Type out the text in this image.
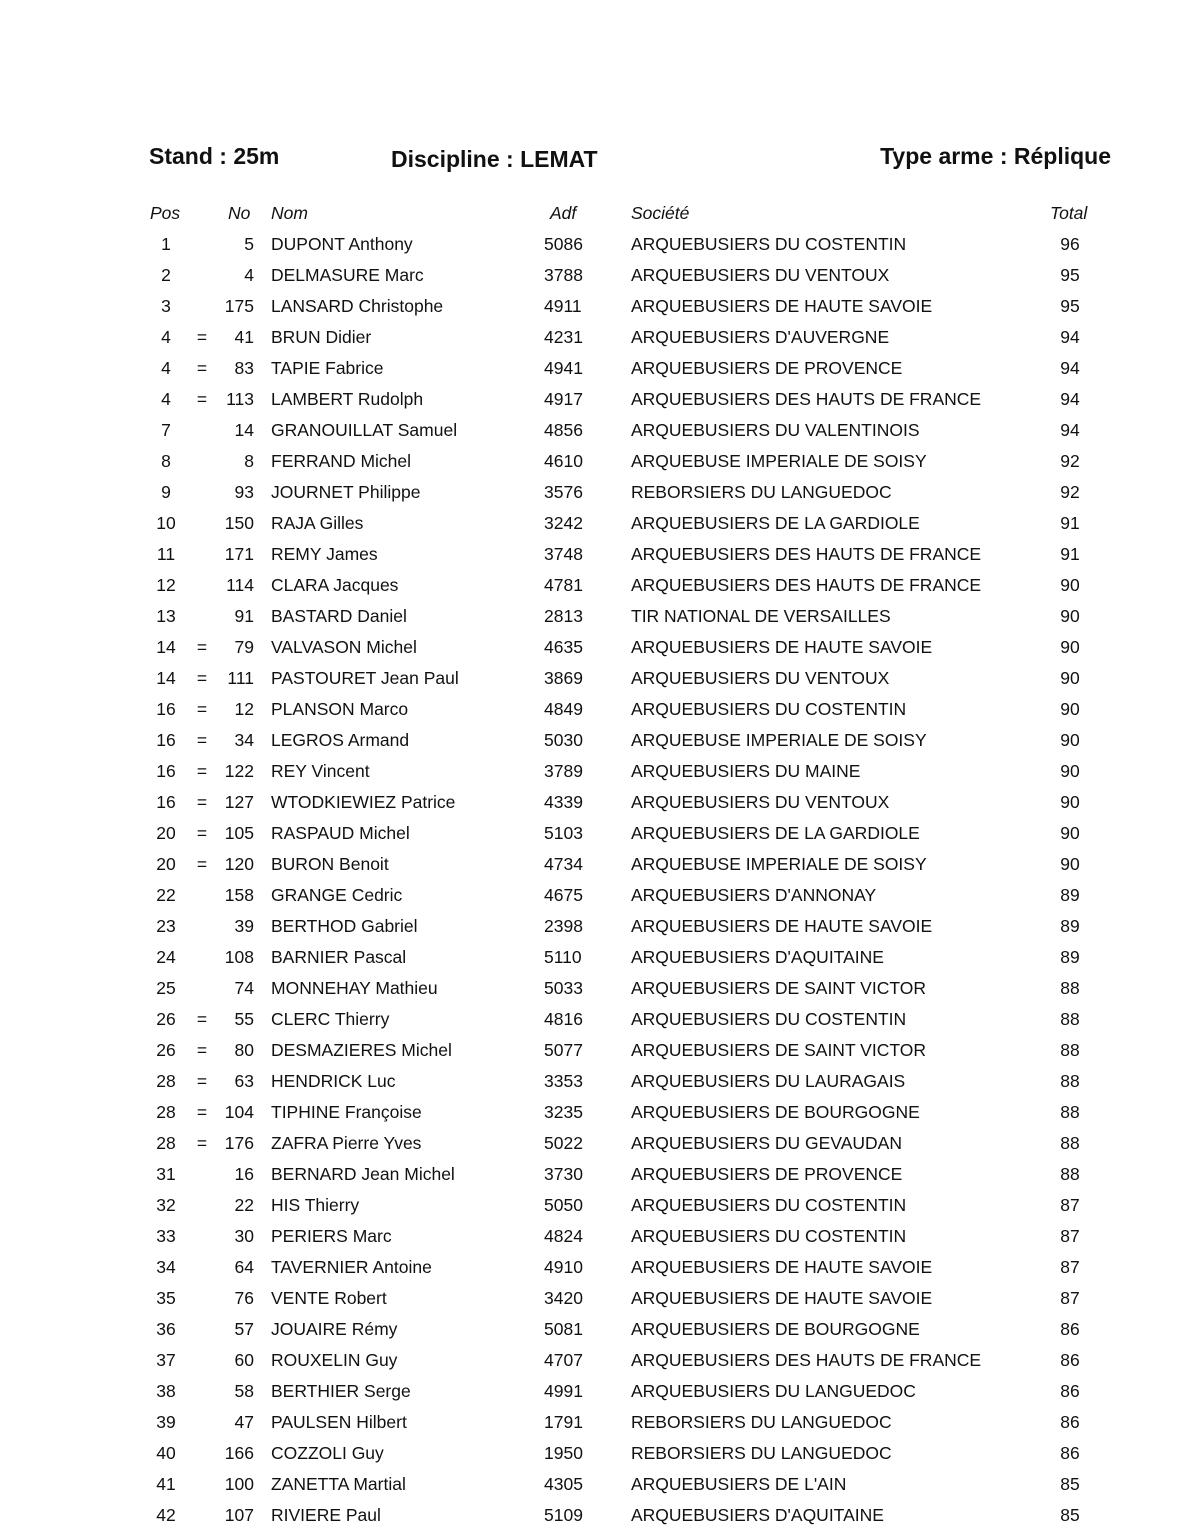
Stand : 25m	Discipline : LEMAT	Type arme : Réplique
Pos	No Nom	Adf	Société	Total
1	5 DUPONT Anthony	5086	ARQUEBUSIERS DU COSTENTIN	96
2	4 DELMASURE Marc	3788	ARQUEBUSIERS DU VENTOUX	95
3	175 LANSARD Christophe	4911	ARQUEBUSIERS DE HAUTE SAVOIE	95
4	=	41 BRUN Didier	4231	ARQUEBUSIERS D'AUVERGNE	94
4	=	83 TAPIE Fabrice	4941	ARQUEBUSIERS DE PROVENCE	94
4	=	113 LAMBERT Rudolph	4917	ARQUEBUSIERS DES HAUTS DE FRANCE	94
7	14 GRANOUILLAT Samuel	4856	ARQUEBUSIERS DU VALENTINOIS	94
8	8 FERRAND Michel	4610	ARQUEBUSE IMPERIALE DE SOISY	92
9	93 JOURNET Philippe	3576	REBORSIERS DU LANGUEDOC	92
10	150 RAJA Gilles	3242	ARQUEBUSIERS DE LA GARDIOLE	91
11	171 REMY James	3748	ARQUEBUSIERS DES HAUTS DE FRANCE	91
12	114 CLARA Jacques	4781	ARQUEBUSIERS DES HAUTS DE FRANCE	90
13	91 BASTARD Daniel	2813	TIR NATIONAL DE VERSAILLES	90
14	=	79 VALVASON Michel	4635	ARQUEBUSIERS DE HAUTE SAVOIE	90
14	=	111 PASTOURET Jean Paul	3869	ARQUEBUSIERS DU VENTOUX	90
16	=	12 PLANSON Marco	4849	ARQUEBUSIERS DU COSTENTIN	90
16	=	34 LEGROS Armand	5030	ARQUEBUSE IMPERIALE DE SOISY	90
16	=	122 REY Vincent	3789	ARQUEBUSIERS DU MAINE	90
16	=	127 WTODKIEWIEZ Patrice	4339	ARQUEBUSIERS DU VENTOUX	90
20	=	105 RASPAUD Michel	5103	ARQUEBUSIERS DE LA GARDIOLE	90
20	=	120 BURON Benoit	4734	ARQUEBUSE IMPERIALE DE SOISY	90
22	158 GRANGE Cedric	4675	ARQUEBUSIERS D'ANNONAY	89
23	39 BERTHOD Gabriel	2398	ARQUEBUSIERS DE HAUTE SAVOIE	89
24	108 BARNIER Pascal	5110	ARQUEBUSIERS D'AQUITAINE	89
25	74 MONNEHAY Mathieu	5033	ARQUEBUSIERS DE SAINT VICTOR	88
26	=	55 CLERC Thierry	4816	ARQUEBUSIERS DU COSTENTIN	88
26	=	80 DESMAZIERES Michel	5077	ARQUEBUSIERS DE SAINT VICTOR	88
28	=	63 HENDRICK Luc	3353	ARQUEBUSIERS DU LAURAGAIS	88
28	=	104 TIPHINE Françoise	3235	ARQUEBUSIERS DE BOURGOGNE	88
28	=	176 ZAFRA Pierre Yves	5022	ARQUEBUSIERS DU GEVAUDAN	88
31	16 BERNARD Jean Michel	3730	ARQUEBUSIERS DE PROVENCE	88
32	22 HIS Thierry	5050	ARQUEBUSIERS DU COSTENTIN	87
33	30 PERIERS Marc	4824	ARQUEBUSIERS DU COSTENTIN	87
34	64 TAVERNIER Antoine	4910	ARQUEBUSIERS DE HAUTE SAVOIE	87
35	76 VENTE Robert	3420	ARQUEBUSIERS DE HAUTE SAVOIE	87
36	57 JOUAIRE Rémy	5081	ARQUEBUSIERS DE BOURGOGNE	86
37	60 ROUXELIN Guy	4707	ARQUEBUSIERS DES HAUTS DE FRANCE	86
38	58 BERTHIER Serge	4991	ARQUEBUSIERS DU LANGUEDOC	86
39	47 PAULSEN Hilbert	1791	REBORSIERS DU LANGUEDOC	86
40	166 COZZOLI Guy	1950	REBORSIERS DU LANGUEDOC	86
41	100 ZANETTA Martial	4305	ARQUEBUSIERS DE L'AIN	85
42	107 RIVIERE Paul	5109	ARQUEBUSIERS D'AQUITAINE	85
